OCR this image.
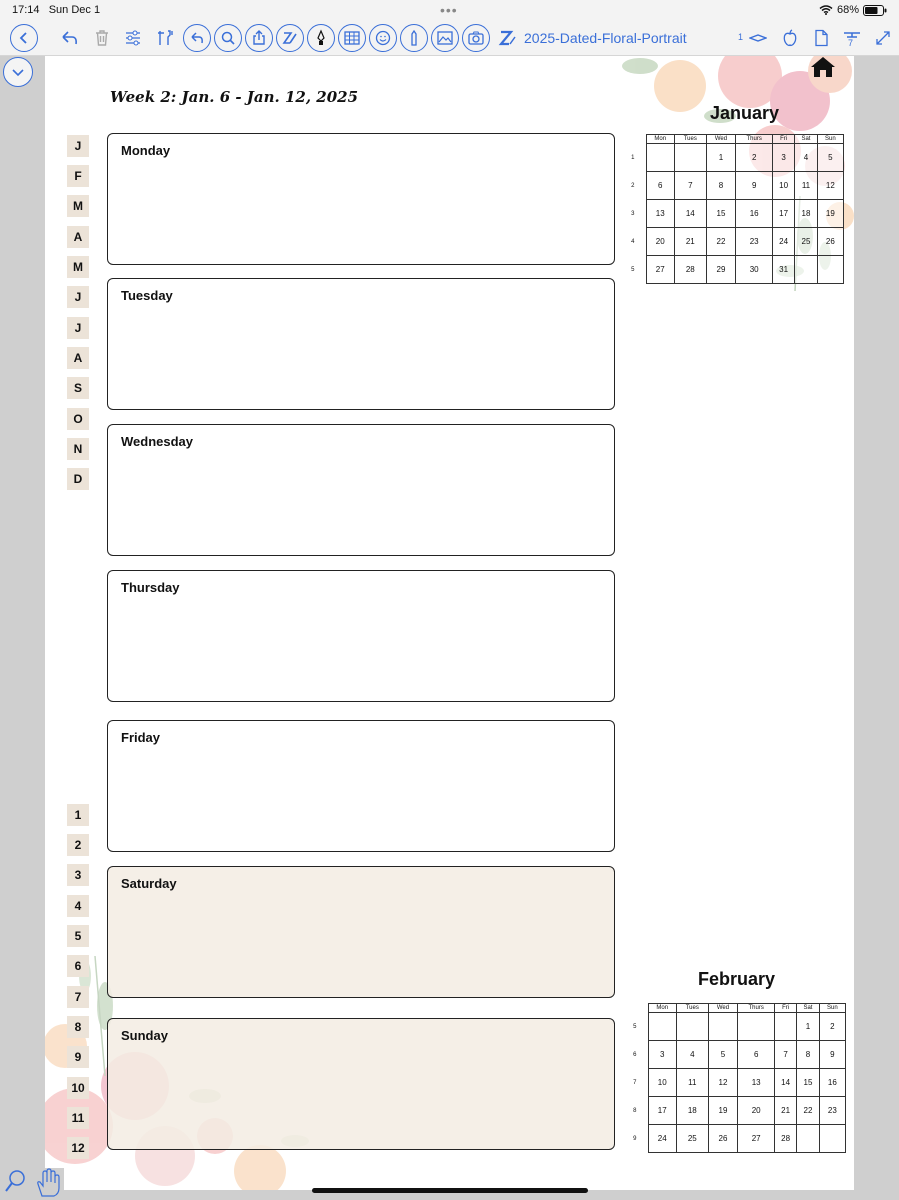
17:14 Sun Dec 1	•••	68%
2025-Dated-Floral-Portrait	1
7
Week 2: Jan. 6 - Jan. 12, 2025
J
F
M
A
M
J
J
A
S
O
N
D
1
2
3
4
5
6
7
8
9
10
11
12
Monday
Tuesday
Wednesday
Thursday
Friday
Saturday
Sunday
January
	Mon	Tues	Wed	Thurs	Fri	Sat	Sun
1			1	2	3	4	5
2	6	7	8	9	10	11	12
3	13	14	15	16	17	18	19
4	20	21	22	23	24	25	26
5	27	28	29	30	31		
February
	Mon	Tues	Wed	Thurs	Fri	Sat	Sun
5						1	2
6	3	4	5	6	7	8	9
7	10	11	12	13	14	15	16
8	17	18	19	20	21	22	23
9	24	25	26	27	28		
